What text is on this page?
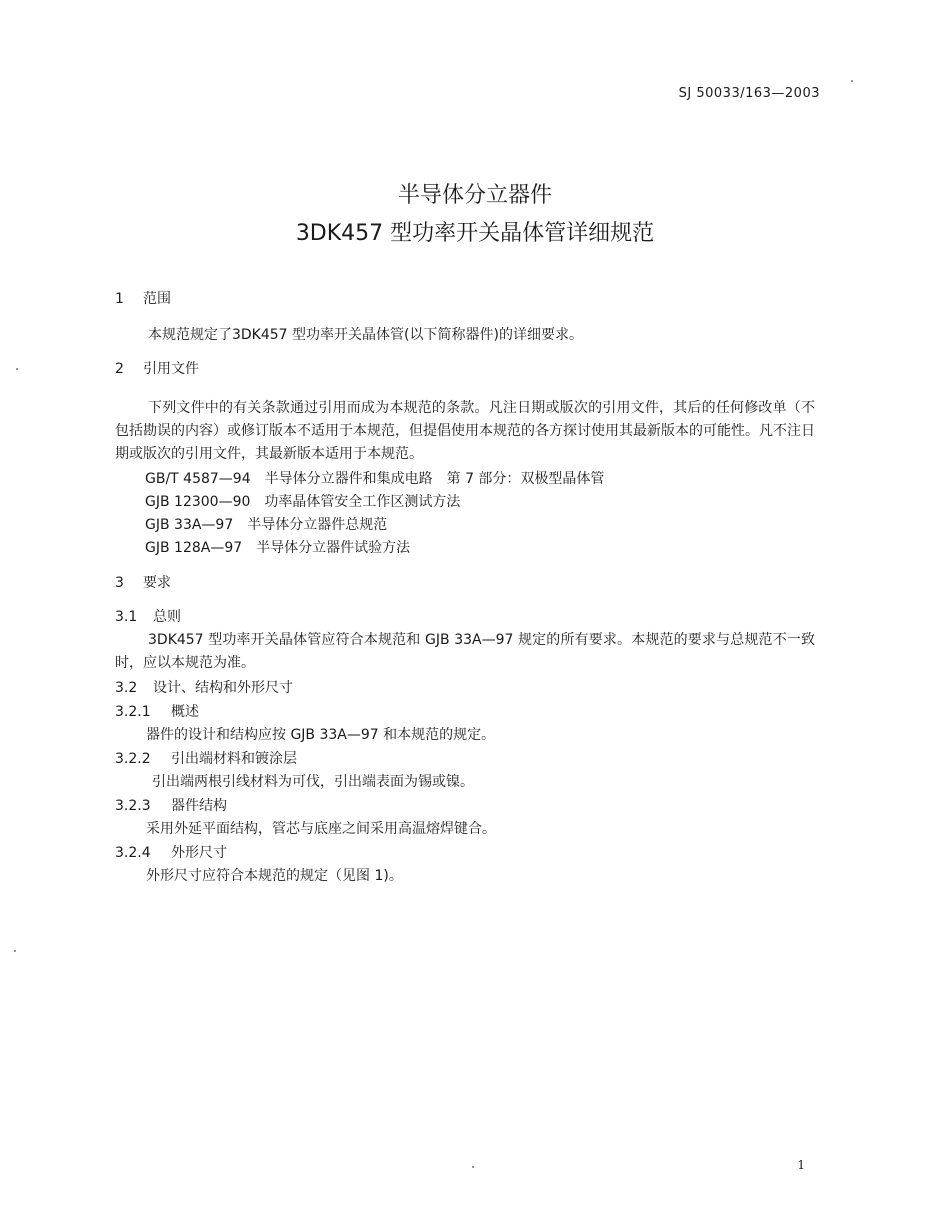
SJ 50033/163—2003
半导体分立器件
3DK457 型功率开关晶体管详细规范
1 范围
本规范规定了3DK457 型功率开关晶体管(以下简称器件)的详细要求。
2 引用文件
下列文件中的有关条款通过引用而成为本规范的条款。凡注日期或版次的引用文件，其后的任何修改单（不包括勘误的内容）或修订版本不适用于本规范，但提倡使用本规范的各方探讨使用其最新版本的可能性。凡不注日期或版次的引用文件，其最新版本适用于本规范。
GB/T 4587—94　半导体分立器件和集成电路　第 7 部分：双极型晶体管
GJB 12300—90　功率晶体管安全工作区测试方法
GJB 33A—97　半导体分立器件总规范
GJB 128A—97　半导体分立器件试验方法
3 要求
3.1 总则
3DK457 型功率开关晶体管应符合本规范和 GJB 33A—97 规定的所有要求。本规范的要求与总规范不一致时，应以本规范为准。
3.2 设计、结构和外形尺寸
3.2.1 概述
器件的设计和结构应按 GJB 33A—97 和本规范的规定。
3.2.2 引出端材料和镀涂层
引出端两根引线材料为可伐，引出端表面为锡或镍。
3.2.3 器件结构
采用外延平面结构，管芯与底座之间采用高温熔焊键合。
3.2.4 外形尺寸
外形尺寸应符合本规范的规定（见图 1)。
1
